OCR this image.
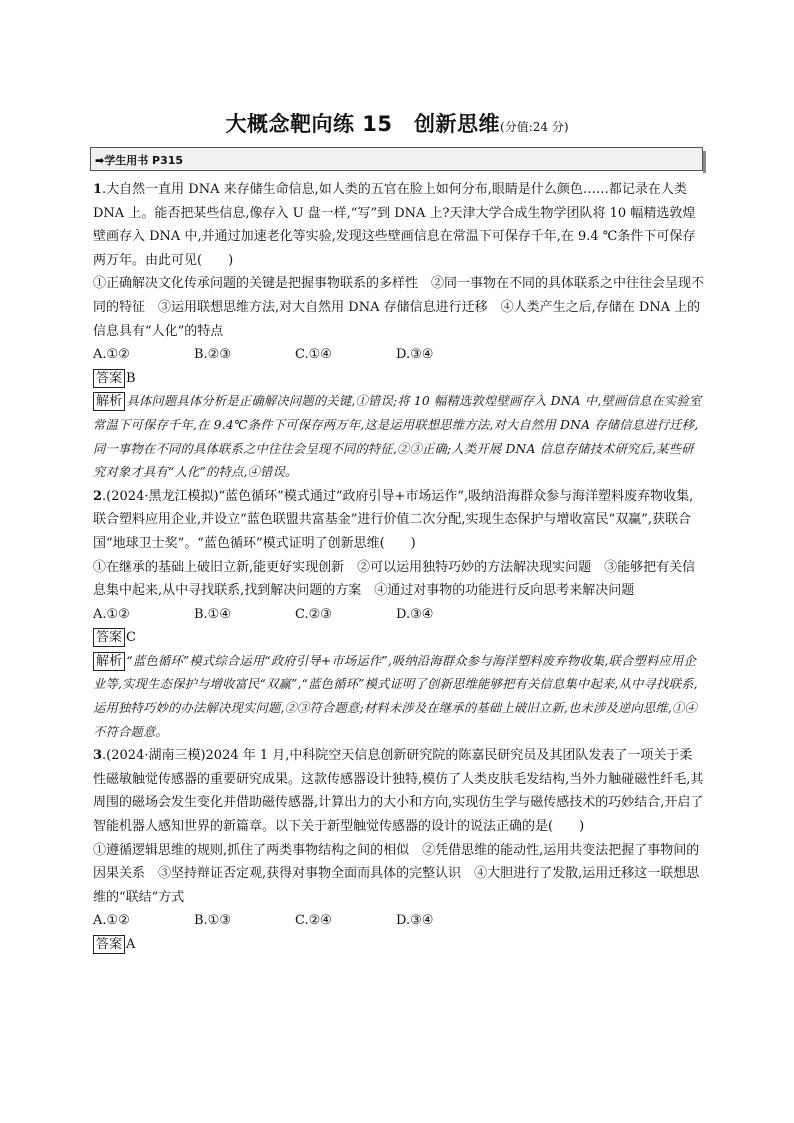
大概念靶向练 15　创新思维(分值:24 分)
➡学生用书 P315

1.大自然一直用 DNA 来存储生命信息,如人类的五官在脸上如何分布,眼睛是什么颜色……都记录在人类 DNA 上。能否把某些信息,像存入 U 盘一样,“写”到 DNA 上?天津大学合成生物学团队将 10 幅精选敦煌壁画存入 DNA 中,并通过加速老化等实验,发现这些壁画信息在常温下可保存千年,在 9.4 ℃条件下可保存两万年。由此可见(　　)

①正确解决文化传承问题的关键是把握事物联系的多样性　②同一事物在不同的具体联系之中往往会呈现不同的特征　③运用联想思维方法,对大自然用 DNA 存储信息进行迁移　④人类产生之后,存储在 DNA 上的信息具有“人化”的特点

A.①②	B.②③	C.①④	D.③④

答案 B

解析 具体问题具体分析是正确解决问题的关键,①错误;将 10 幅精选敦煌壁画存入 DNA 中,壁画信息在实验室常温下可保存千年,在 9.4℃条件下可保存两万年,这是运用联想思维方法,对大自然用 DNA 存储信息进行迁移,同一事物在不同的具体联系之中往往会呈现不同的特征,②③正确;人类开展 DNA 信息存储技术研究后,某些研究对象才具有“人化”的特点,④错误。

2.(2024·黑龙江模拟)“蓝色循环”模式通过“政府引导+市场运作”,吸纳沿海群众参与海洋塑料废弃物收集,联合塑料应用企业,并设立“蓝色联盟共富基金”进行价值二次分配,实现生态保护与增收富民“双赢”,获联合国“地球卫士奖”。“蓝色循环”模式证明了创新思维(　　)

①在继承的基础上破旧立新,能更好实现创新　②可以运用独特巧妙的方法解决现实问题　③能够把有关信息集中起来,从中寻找联系,找到解决问题的方案　④通过对事物的功能进行反向思考来解决问题

A.①②	B.①④	C.②③	D.③④

答案 C

解析 “蓝色循环”模式综合运用“政府引导+市场运作”,吸纳沿海群众参与海洋塑料废弃物收集,联合塑料应用企业等,实现生态保护与增收富民“双赢”,“蓝色循环”模式证明了创新思维能够把有关信息集中起来,从中寻找联系,运用独特巧妙的办法解决现实问题,②③符合题意;材料未涉及在继承的基础上破旧立新,也未涉及逆向思维,①④不符合题意。

3.(2024·湖南三模)2024 年 1 月,中科院空天信息创新研究院的陈嘉民研究员及其团队发表了一项关于柔性磁敏触觉传感器的重要研究成果。这款传感器设计独特,模仿了人类皮肤毛发结构,当外力触碰磁性纤毛,其周围的磁场会发生变化并借助磁传感器,计算出力的大小和方向,实现仿生学与磁传感技术的巧妙结合,开启了智能机器人感知世界的新篇章。以下关于新型触觉传感器的设计的说法正确的是(　　)

①遵循逻辑思维的规则,抓住了两类事物结构之间的相似　②凭借思维的能动性,运用共变法把握了事物间的因果关系　③坚持辩证否定观,获得对事物全面而具体的完整认识　④大胆进行了发散,运用迁移这一联想思维的“联结”方式

A.①②	B.①③	C.②④	D.③④

答案 A
